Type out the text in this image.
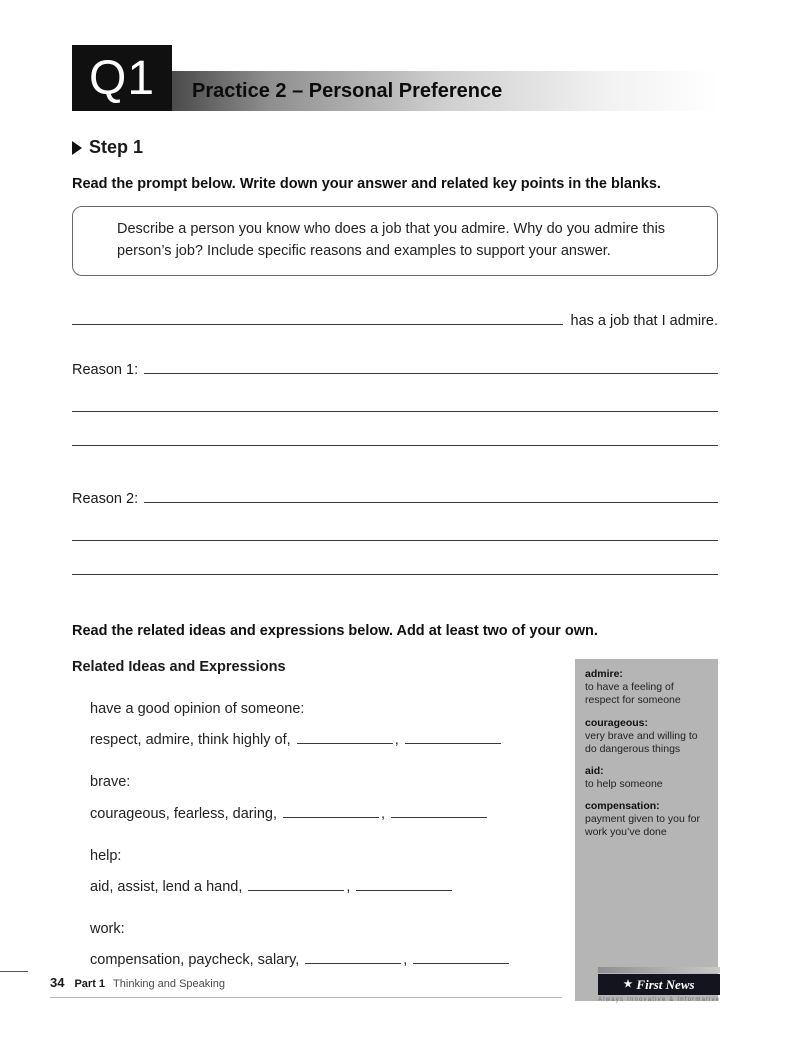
Q1	Practice 2 – Personal Preference
Step 1
Read the prompt below. Write down your answer and related key points in the blanks.
Describe a person you know who does a job that you admire. Why do you admire this person’s job? Include specific reasons and examples to support your answer.
has a job that I admire.
Reason 1:
Reason 2:
Read the related ideas and expressions below. Add at least two of your own.
Related Ideas and Expressions
have a good opinion of someone:
respect, admire, think highly of,	,
brave:
courageous, fearless, daring,	,
help:
aid, assist, lend a hand,	,
work:
compensation, paycheck, salary,	,
admire:
to have a feeling of respect for someone
courageous:
very brave and willing to do dangerous things
aid:
to help someone
compensation:
payment given to you for work you’ve done
34 Part 1 Thinking and Speaking	★ First News
Always Innovative & Informative
